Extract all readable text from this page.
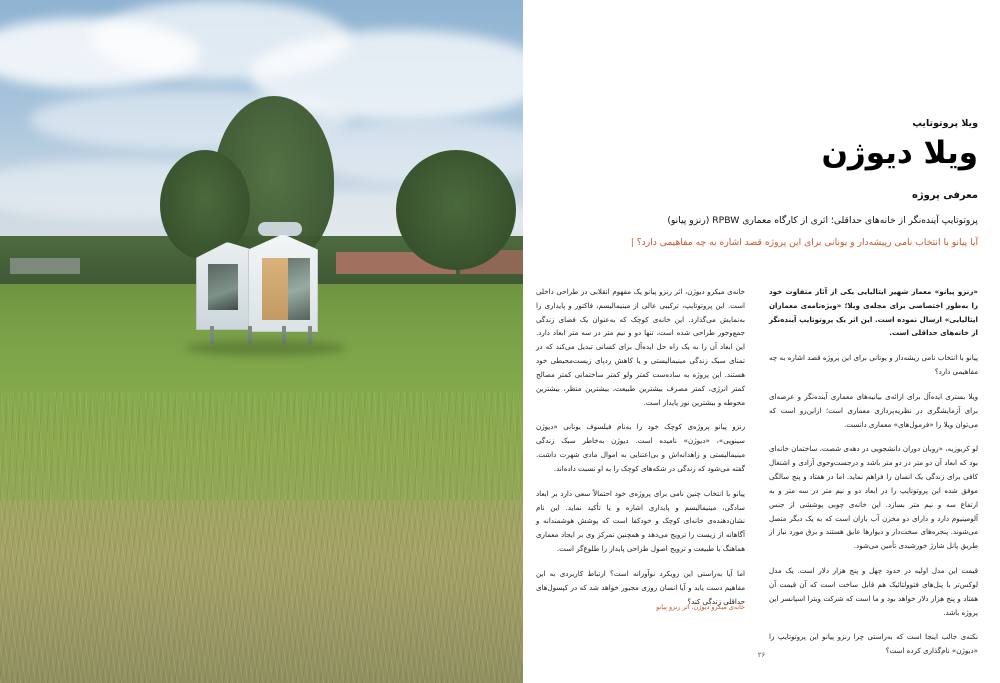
ویلا پروتوتایپ
ویلا دیوژن
معرفی پروژه
پروتوتایپ آینده‌نگر از خانه‌های حداقلی؛ اثری از کارگاه معماری RPBW (رنزو پیانو)
آیا پیانو با انتخاب نامی رپیشه‌دار و یونانی برای این پروژه قصد اشاره به چه مفاهیمی دارد؟ |

«رنزو پیانو» معمار شهیر ایتالیایی یکی از آثار متفاوت خود را به‌طور اختصاصی برای مجله‌ی ویلا؛ «ویژه‌نامه‌ی معماران ایتالیایی» ارسال نموده است. این اثر یک پروتوتایپ آینده‌نگر از خانه‌های حداقلی است.

پیانو با انتخاب نامی ریشه‌دار و یونانی برای این پروژه قصد اشاره به چه مفاهیمی دارد؟

ویلا بستری ایده‌آل برای ارائه‌ی بیانیه‌های معماری آینده‌نگر و عرصه‌ای برای آزمایشگری در نظریه‌پردازی معماری است؛ ازاین‌رو است که می‌توان ویلا را «فرمول‌های» معماری دانست.

لو کربوزیه، «روبان دوران دانشجویی در دهه‌ی شصت، ساختمان خانه‌ای بود که ابعاد آن دو متر در دو متر باشد و درجست‌وجوی آزادی و اشتغال کافی برای زندگی یک انسان را فراهم نماید. اما در هفتاد و پنج سالگی موفق شده این پروتوتایپ را در ابعاد دو و نیم متر در سه متر و به ارتفاع سه و نیم متر بسازد. این خانه‌ی چوبی پوششی از جنس آلومینیوم دارد و دارای دو مخزن آب باران است که به یک دیگر متصل می‌شوند. پنجره‌های سخت‌دار و دیوارها عایق هستند و برق مورد نیاز از طریق پانل شارژ خورشیدی تأمین می‌شود.

قیمت این مدل اولیه در حدود چهل و پنج هزار دلار است. یک مدل لوکس‌تر با پنل‌های فتوولتائیک هم قابل ساخت است که آن قیمت آن هفتاد و پنج هزار دلار خواهد بود و ما است که شرکت ویترا اسپانسر این پروژه باشد.

نکته‌ی جالب اینجا است که به‌راستی چرا رنزو پیانو این پروتوتایپ را «دیوژن» نام‌گذاری کرده است؟

خانه‌ی میکرو دیوژن، اثر رنزو پیانو یک مفهوم انقلابی در طراحی داخلی است. این پروتوتایپ، ترکیبی عالی از مینیمالیسم، فاکتور و پایداری را به‌نمایش می‌گذارد. این خانه‌ی کوچک که به‌عنوان یک فضای زندگی جمع‌وجور طراحی شده است، تنها دو و نیم متر در سه متر ابعاد دارد. این ابعاد آن را به یک راه حل ایده‌آل برای کسانی تبدیل می‌کند که در تمنای سبک زندگی مینیمالیستی و یا کاهش ردپای زیست‌محیطی خود هستند. این پروژه به ساده‌ست کمتر ولو کمتر ساختمانی کمتر مصالح کمتر انرژی، کمتر مصرف بیشترین طبیعت، بیشترین منظر، بیشترین محوطه و بیشترین نور پایدار است.

رنزو پیانو پروژه‌ی کوچک خود را به‌نام فیلسوف یونانی «دیوژن سینوپی»، «دیوژن» نامیده است. دیوژن به‌خاطر سبک زندگی مینیمالیستی و زاهدانه‌اش و بی‌اعتنایی به اموال مادی شهرت داشت. گفته می‌شود که زندگی در شکه‌های کوچک را به او نسبت داده‌اند.

پیانو با انتخاب چنین نامی برای پروژه‌ی خود احتمالاً سعی دارد بر ابعاد سادگی، مینیمالیسم و پایداری اشاره و یا تأکید نماید. این نام نشان‌دهنده‌ی خانه‌ای کوچک و خودکفا است که پوشش هوشمندانه و آگاهانه از زیست را ترویج می‌دهد و همچنین تمرکز وی بر ایجاد معماری هماهنگ با طبیعت و ترویج اصول طراحی پایدار را طلوع‌گر است.

اما آیا به‌راستی این رویکرد نوآورانه است؟ ارتباط کاربردی به این مفاهیم دست یابد و آیا انسان روزی مجبور خواهد شد که در کپسول‌های حداقلی زندگی کند؟

خانه‌ی میکرو دیوژن، اثر رنزو پیانو
۲۶
